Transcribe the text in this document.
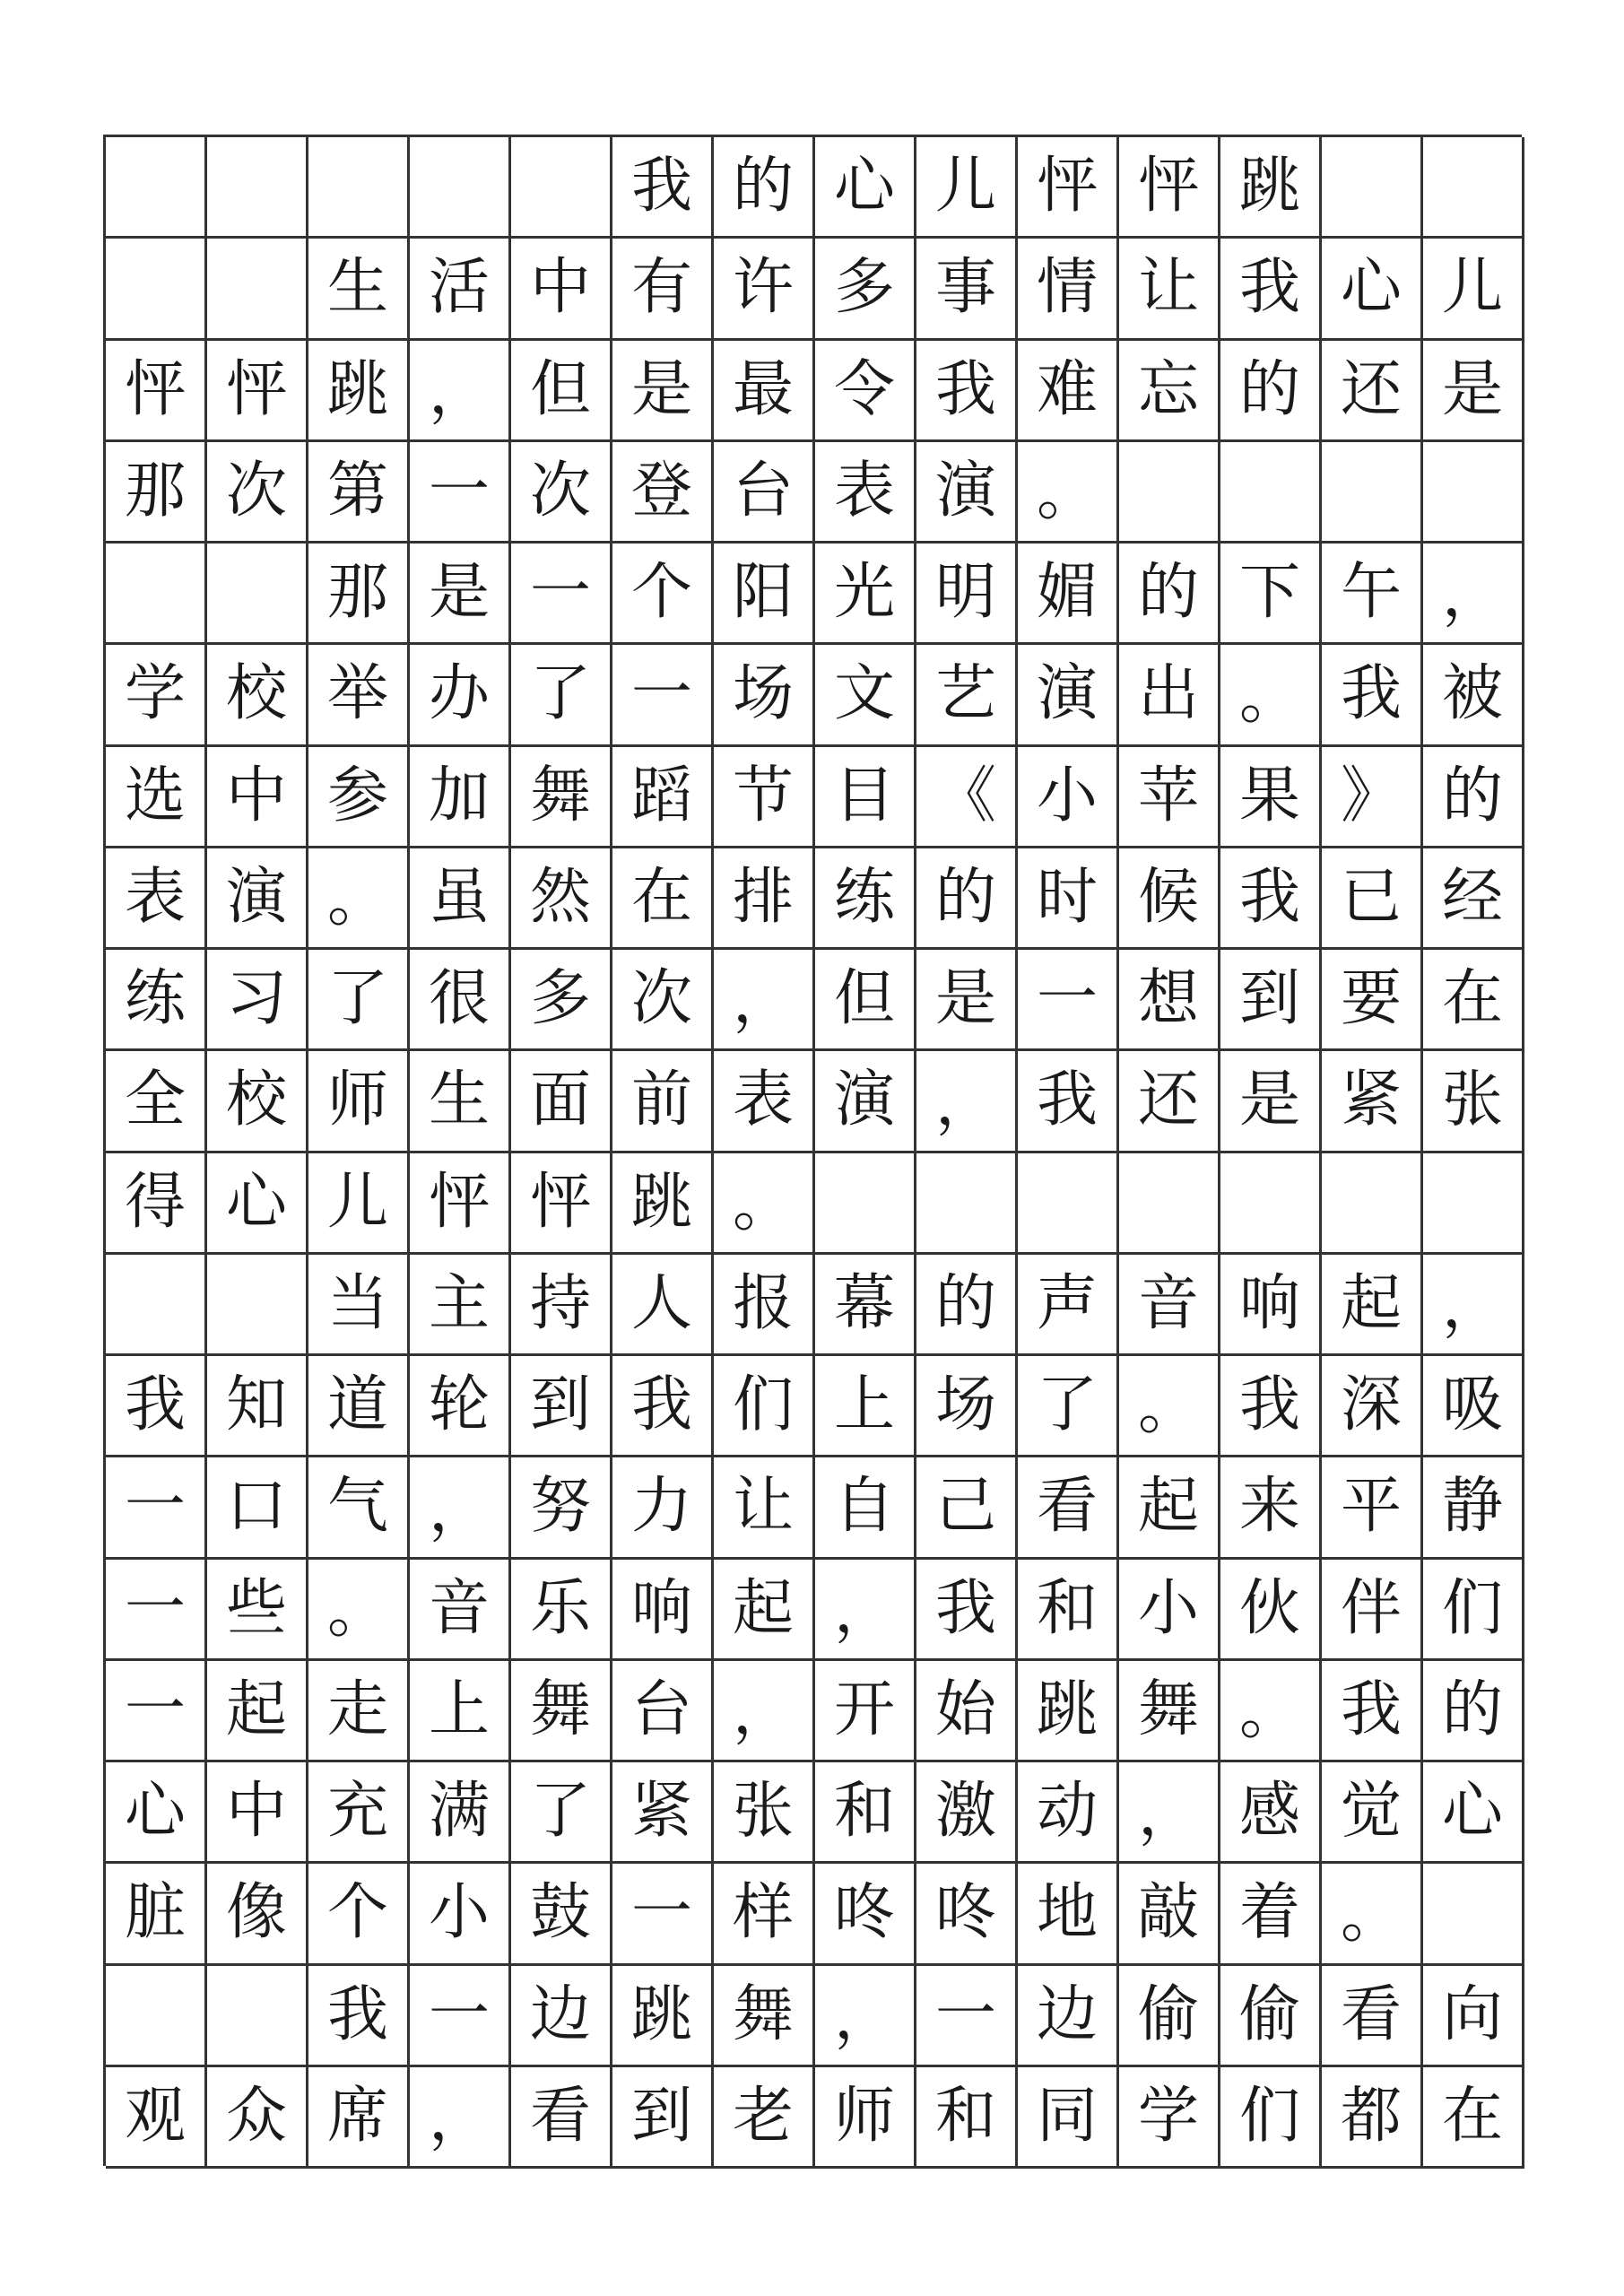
我 的 心 儿 怦 怦 跳
生 活 中 有 许 多 事 情 让 我 心 儿
怦 怦 跳 ， 但 是 最 令 我 难 忘 的 还 是
那 次 第 一 次 登 台 表 演 。
那 是 一 个 阳 光 明 媚 的 下 午 ，
学 校 举 办 了 一 场 文 艺 演 出 。 我 被
选 中 参 加 舞 蹈 节 目 《 小 苹 果 》 的
表 演 。 虽 然 在 排 练 的 时 候 我 已 经
练 习 了 很 多 次 ， 但 是 一 想 到 要 在
全 校 师 生 面 前 表 演 ， 我 还 是 紧 张
得 心 儿 怦 怦 跳 。
当 主 持 人 报 幕 的 声 音 响 起 ，
我 知 道 轮 到 我 们 上 场 了 。 我 深 吸
一 口 气 ， 努 力 让 自 己 看 起 来 平 静
一 些 。 音 乐 响 起 ， 我 和 小 伙 伴 们
一 起 走 上 舞 台 ， 开 始 跳 舞 。 我 的
心 中 充 满 了 紧 张 和 激 动 ， 感 觉 心
脏 像 个 小 鼓 一 样 咚 咚 地 敲 着 。
我 一 边 跳 舞 ， 一 边 偷 偷 看 向
观 众 席 ， 看 到 老 师 和 同 学 们 都 在
